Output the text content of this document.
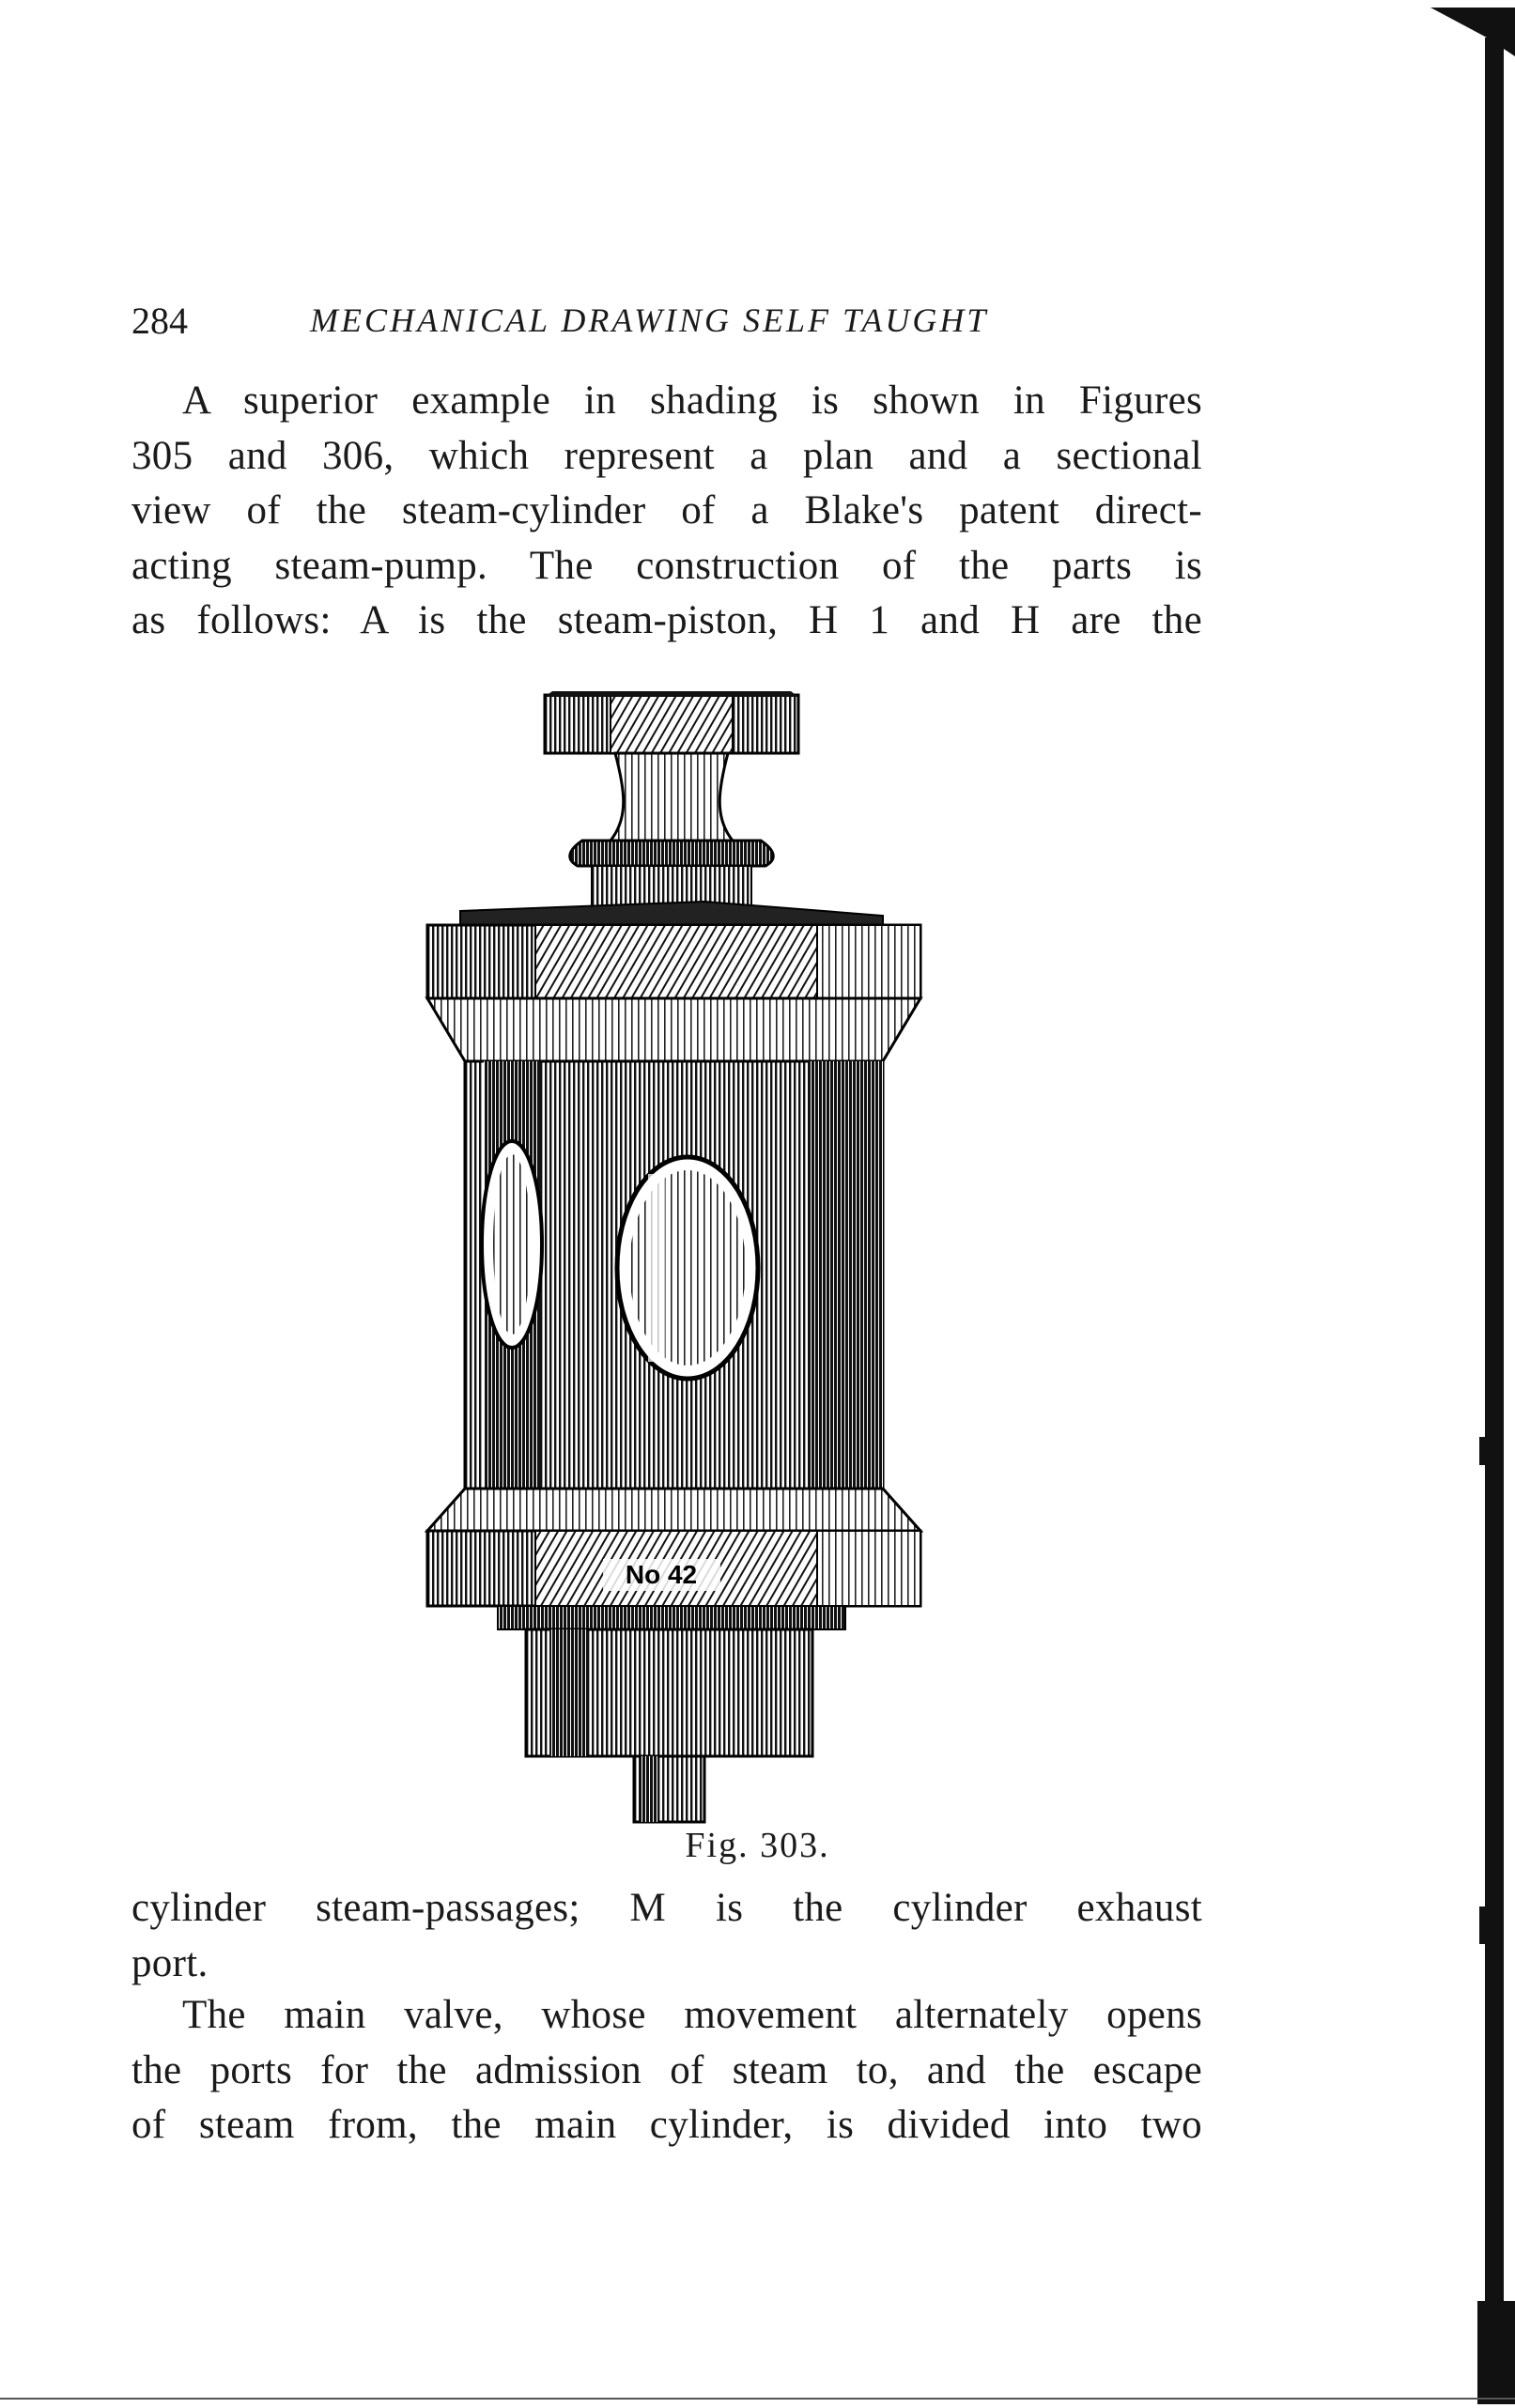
284	MECHANICAL DRAWING SELF TAUGHT

A superior example in shading is shown in Figures
305 and 306, which represent a plan and a sectional
view of the steam-cylinder of a Blake's patent direct-
acting steam-pump. The construction of the parts is
as follows: A is the steam-piston, H 1 and H are the

No 42
Fig. 303.

cylinder steam-passages; M is the cylinder exhaust
port.

The main valve, whose movement alternately opens
the ports for the admission of steam to, and the escape
of steam from, the main cylinder, is divided into two
